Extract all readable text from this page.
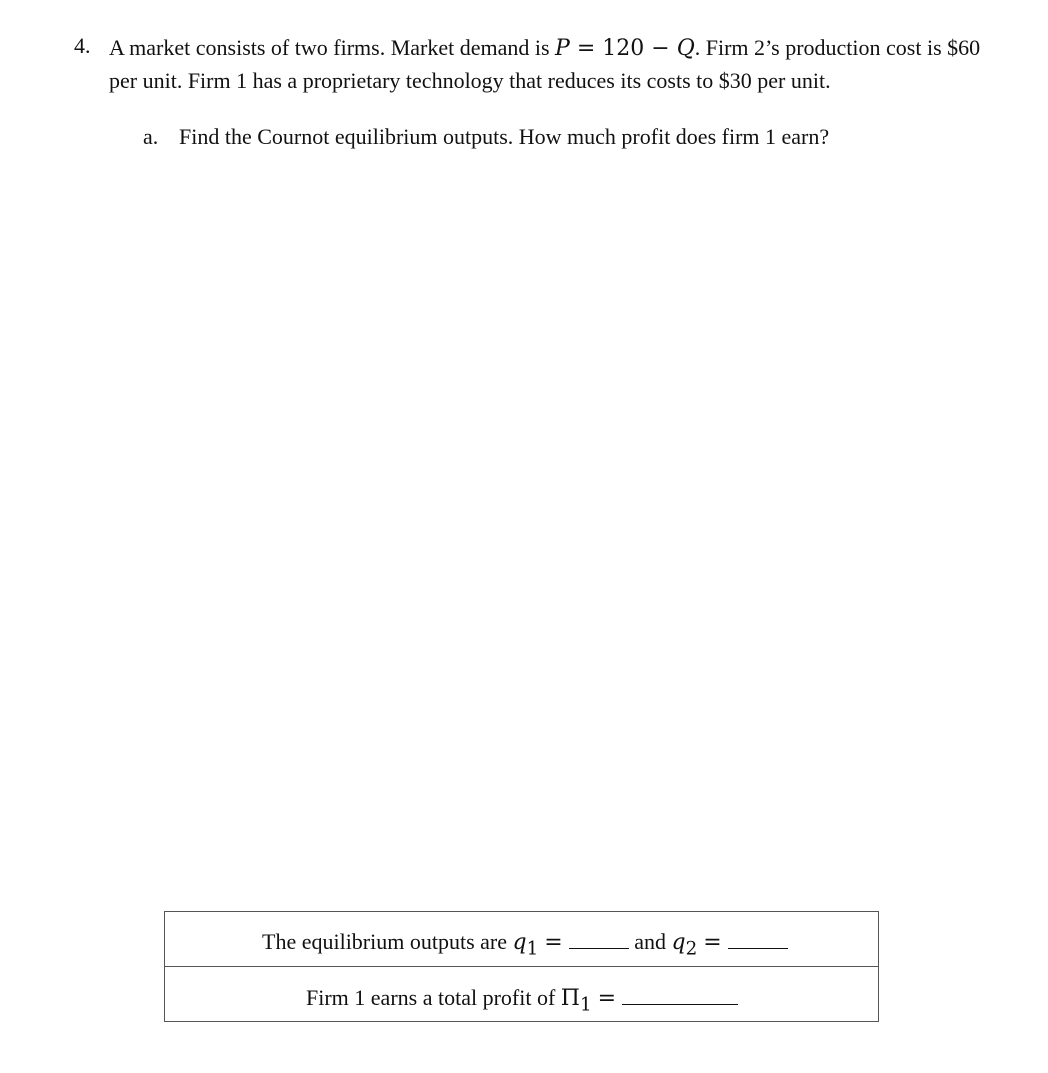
4. A market consists of two firms. Market demand is P = 120 − Q. Firm 2’s production cost is $60 per unit. Firm 1 has a proprietary technology that reduces its costs to $30 per unit.
a. Find the Cournot equilibrium outputs. How much profit does firm 1 earn?
The equilibrium outputs are $q_1$ =	and $q_2$ =
Firm 1 earns a total profit of $\Pi_1$ =
